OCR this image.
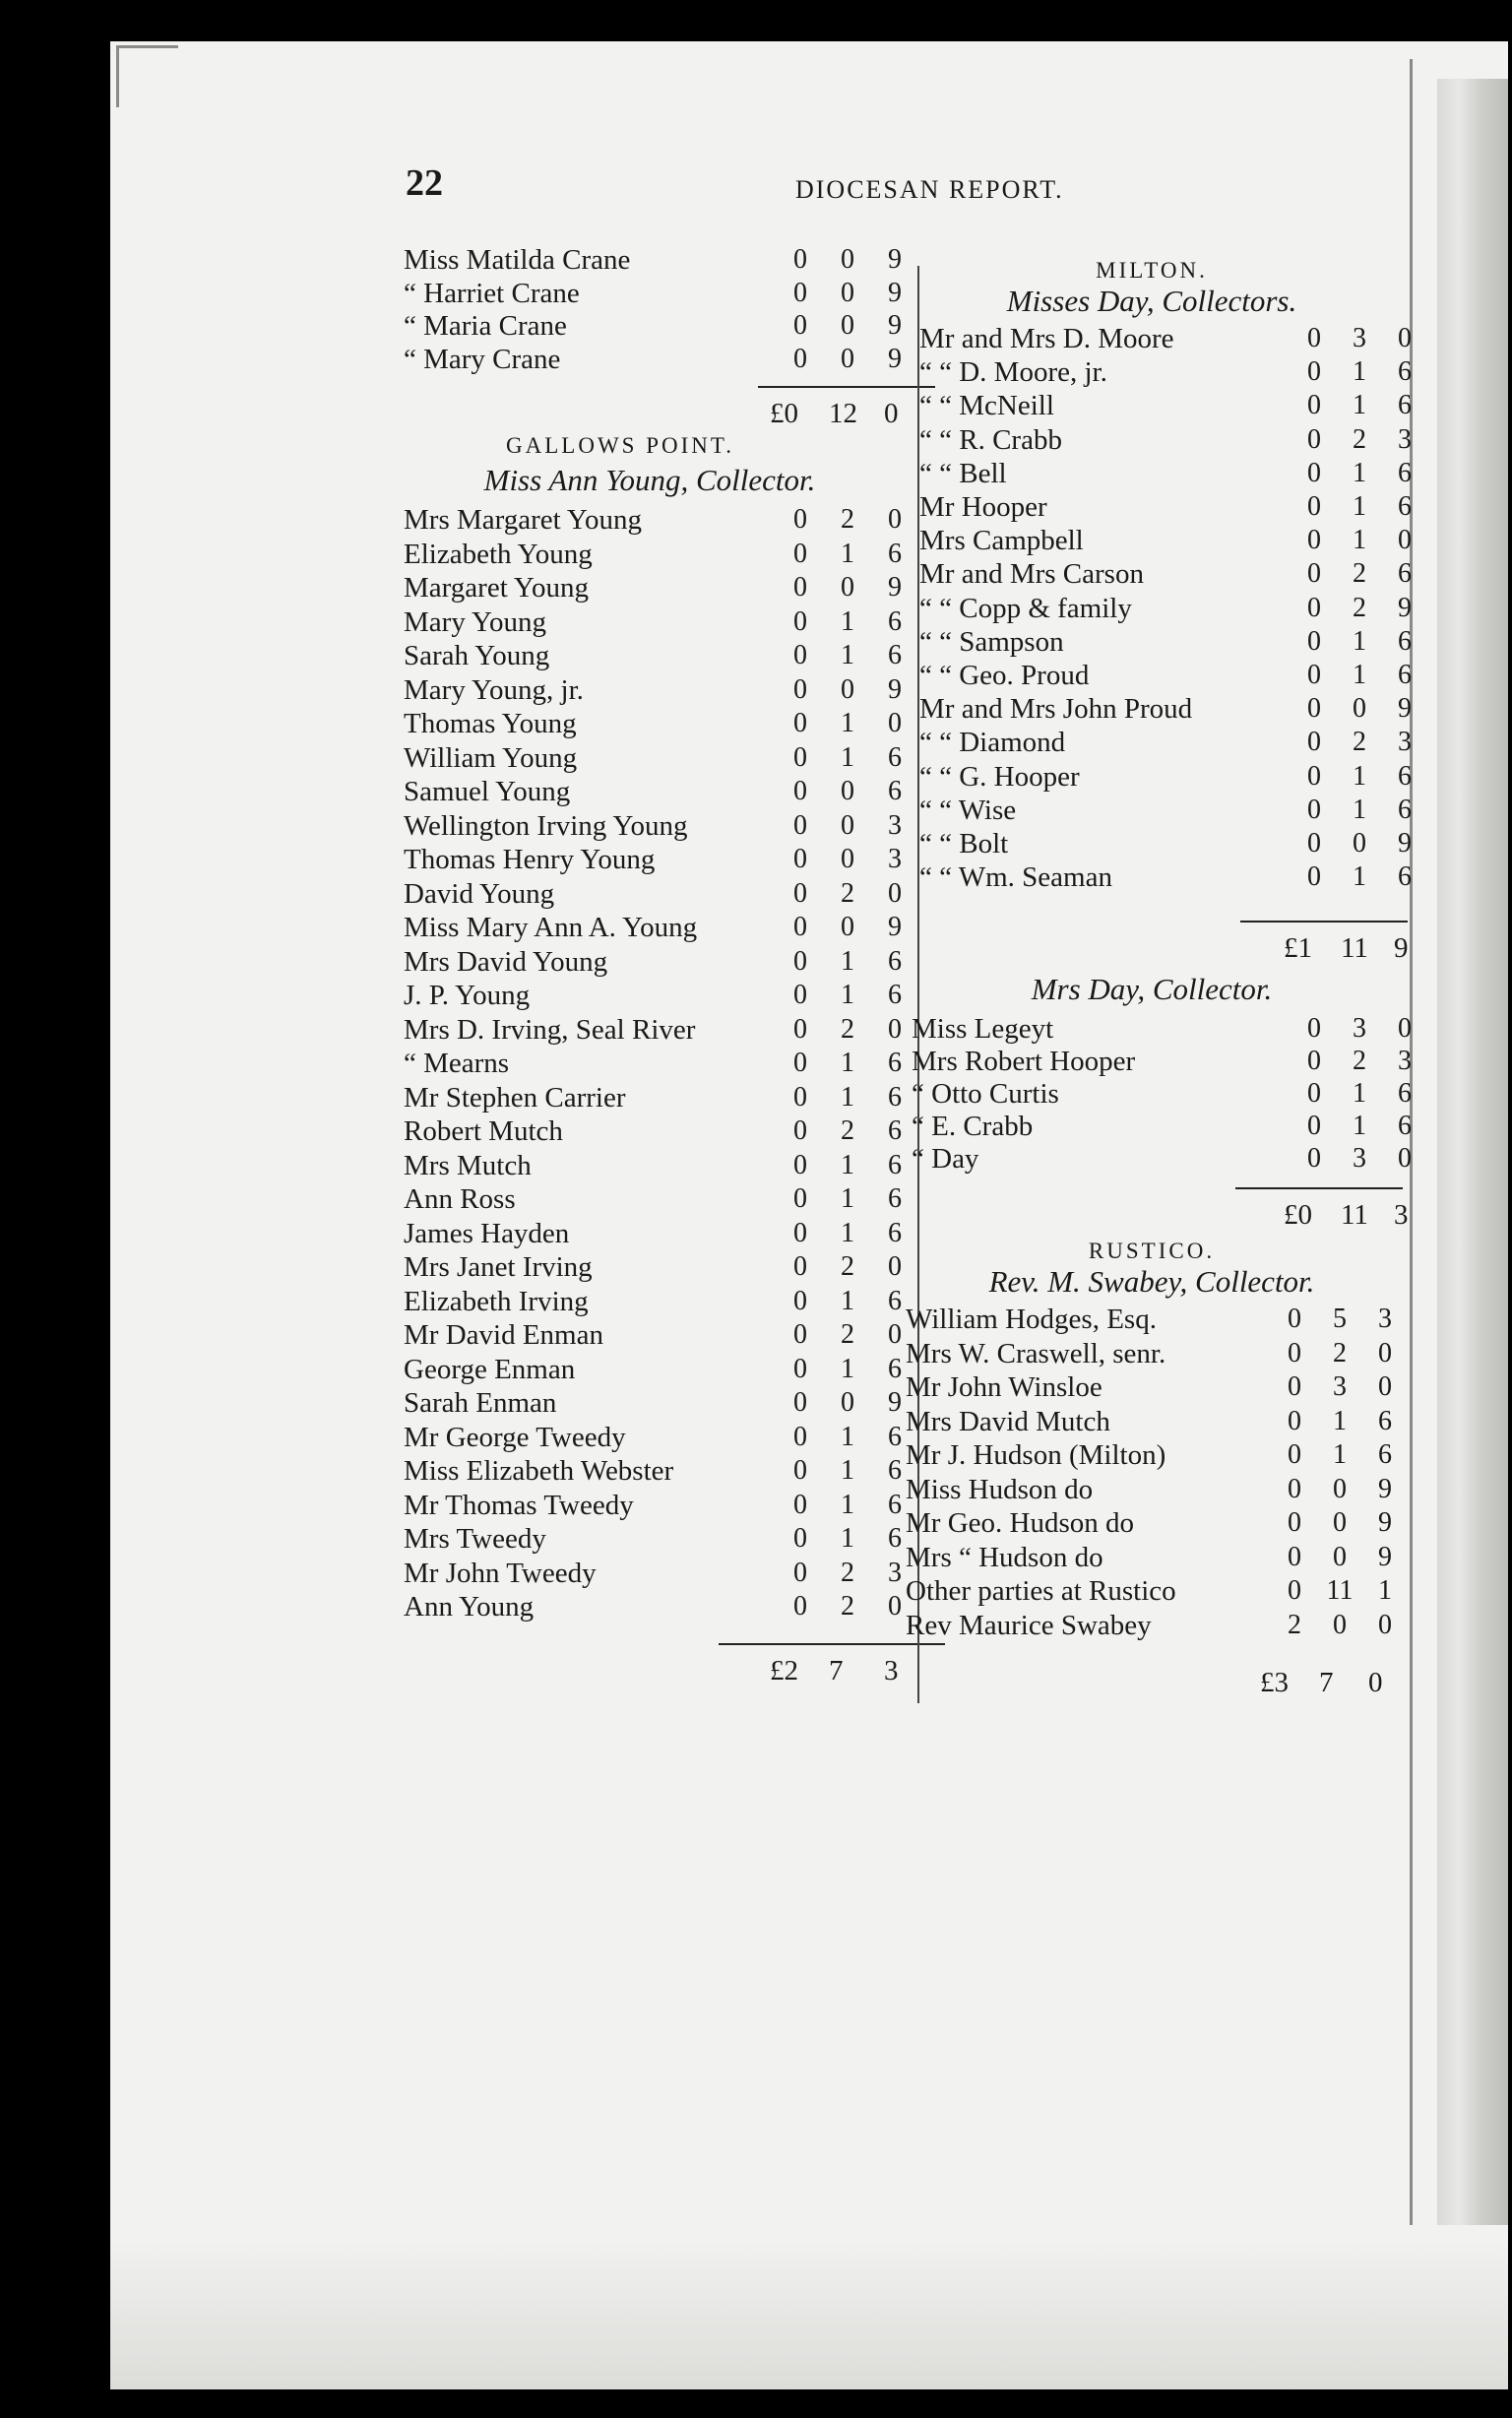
22	DIOCESAN REPORT.
Miss Matilda Crane	0 0 9
“ Harriet Crane	0 0 9
“ Maria Crane	0 0 9
“ Mary Crane	0 0 9
£0 12 0
GALLOWS POINT.
Miss Ann Young, Collector.
Mrs Margaret Young	0 2 0
Elizabeth Young	0 1 6
Margaret Young	0 0 9
Mary Young	0 1 6
Sarah Young	0 1 6
Mary Young, jr.	0 0 9
Thomas Young	0 1 0
William Young	0 1 6
Samuel Young	0 0 6
Wellington Irving Young	0 0 3
Thomas Henry Young	0 0 3
David Young	0 2 0
Miss Mary Ann A. Young	0 0 9
Mrs David Young	0 1 6
J. P. Young	0 1 6
Mrs D. Irving, Seal River	0 2 0
“ Mearns	0 1 6
Mr Stephen Carrier	0 1 6
Robert Mutch	0 2 6
Mrs Mutch	0 1 6
Ann Ross	0 1 6
James Hayden	0 1 6
Mrs Janet Irving	0 2 0
Elizabeth Irving	0 1 6
Mr David Enman	0 2 0
George Enman	0 1 6
Sarah Enman	0 0 9
Mr George Tweedy	0 1 6
Miss Elizabeth Webster	0 1 6
Mr Thomas Tweedy	0 1 6
Mrs Tweedy	0 1 6
Mr John Tweedy	0 2 3
Ann Young	0 2 0
£2 7 3
MILTON.
Misses Day, Collectors.
Mr and Mrs D. Moore	0 3 0
“ “ D. Moore, jr.	0 1 6
“ “ McNeill	0 1 6
“ “ R. Crabb	0 2 3
“ “ Bell	0 1 6
Mr Hooper	0 1 6
Mrs Campbell	0 1 0
Mr and Mrs Carson	0 2 6
“ “ Copp & family	0 2 9
“ “ Sampson	0 1 6
“ “ Geo. Proud	0 1 6
Mr and Mrs John Proud	0 0 9
“ “ Diamond	0 2 3
“ “ G. Hooper	0 1 6
“ “ Wise	0 1 6
“ “ Bolt	0 0 9
“ “ Wm. Seaman	0 1 6
£1 11 9
Mrs Day, Collector.
Miss Legeyt	0 3 0
Mrs Robert Hooper	0 2 3
“ Otto Curtis	0 1 6
“ E. Crabb	0 1 6
“ Day	0 3 0
£0 11 3
RUSTICO.
Rev. M. Swabey, Collector.
William Hodges, Esq.	0 5 3
Mrs W. Craswell, senr.	0 2 0
Mr John Winsloe	0 3 0
Mrs David Mutch	0 1 6
Mr J. Hudson (Milton)	0 1 6
Miss Hudson do	0 0 9
Mr Geo. Hudson do	0 0 9
Mrs “ Hudson do	0 0 9
Other parties at Rustico	0 11 1
Rev Maurice Swabey	2 0 0
£3 7 0
